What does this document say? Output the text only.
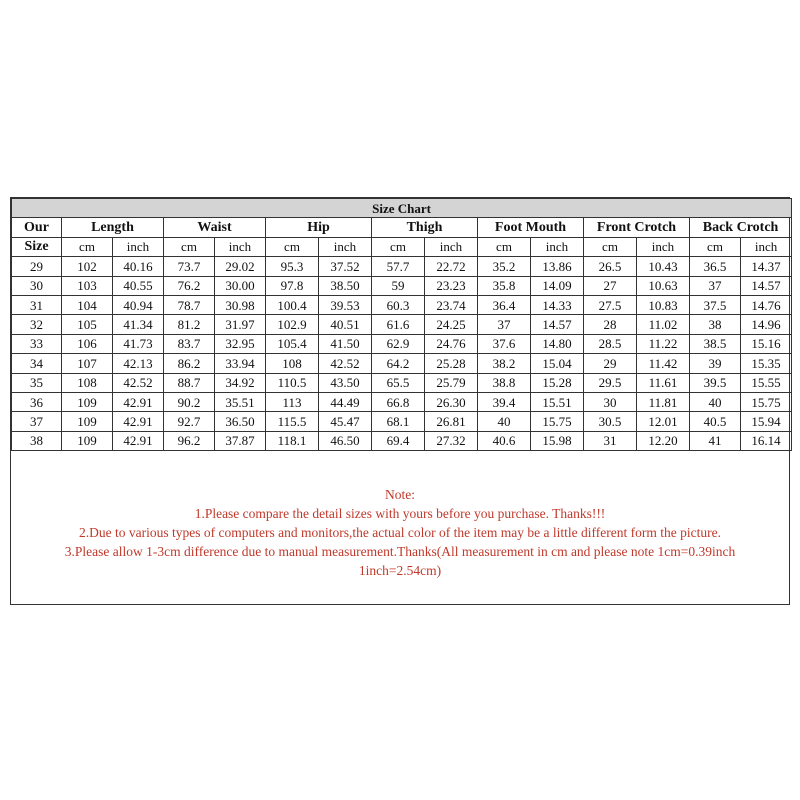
Size Chart														
Our	Length		Waist		Hip		Thigh		Foot Mouth		Front Crotch		Back Crotch	
Size	cm	inch	cm	inch	cm	inch	cm	inch	cm	inch	cm	inch	cm	inch
29	102	40.16	73.7	29.02	95.3	37.52	57.7	22.72	35.2	13.86	26.5	10.43	36.5	14.37
30	103	40.55	76.2	30.00	97.8	38.50	59	23.23	35.8	14.09	27	10.63	37	14.57
31	104	40.94	78.7	30.98	100.4	39.53	60.3	23.74	36.4	14.33	27.5	10.83	37.5	14.76
32	105	41.34	81.2	31.97	102.9	40.51	61.6	24.25	37	14.57	28	11.02	38	14.96
33	106	41.73	83.7	32.95	105.4	41.50	62.9	24.76	37.6	14.80	28.5	11.22	38.5	15.16
34	107	42.13	86.2	33.94	108	42.52	64.2	25.28	38.2	15.04	29	11.42	39	15.35
35	108	42.52	88.7	34.92	110.5	43.50	65.5	25.79	38.8	15.28	29.5	11.61	39.5	15.55
36	109	42.91	90.2	35.51	113	44.49	66.8	26.30	39.4	15.51	30	11.81	40	15.75
37	109	42.91	92.7	36.50	115.5	45.47	68.1	26.81	40	15.75	30.5	12.01	40.5	15.94
38	109	42.91	96.2	37.87	118.1	46.50	69.4	27.32	40.6	15.98	31	12.20	41	16.14
Note:
1.Please compare the detail sizes with yours before you purchase. Thanks!!!
2.Due to various types of computers and monitors,the actual color of the item may be a little different form the picture.
3.Please allow 1-3cm difference due to manual measurement.Thanks(All measurement in cm and please note 1cm=0.39inch
1inch=2.54cm)
